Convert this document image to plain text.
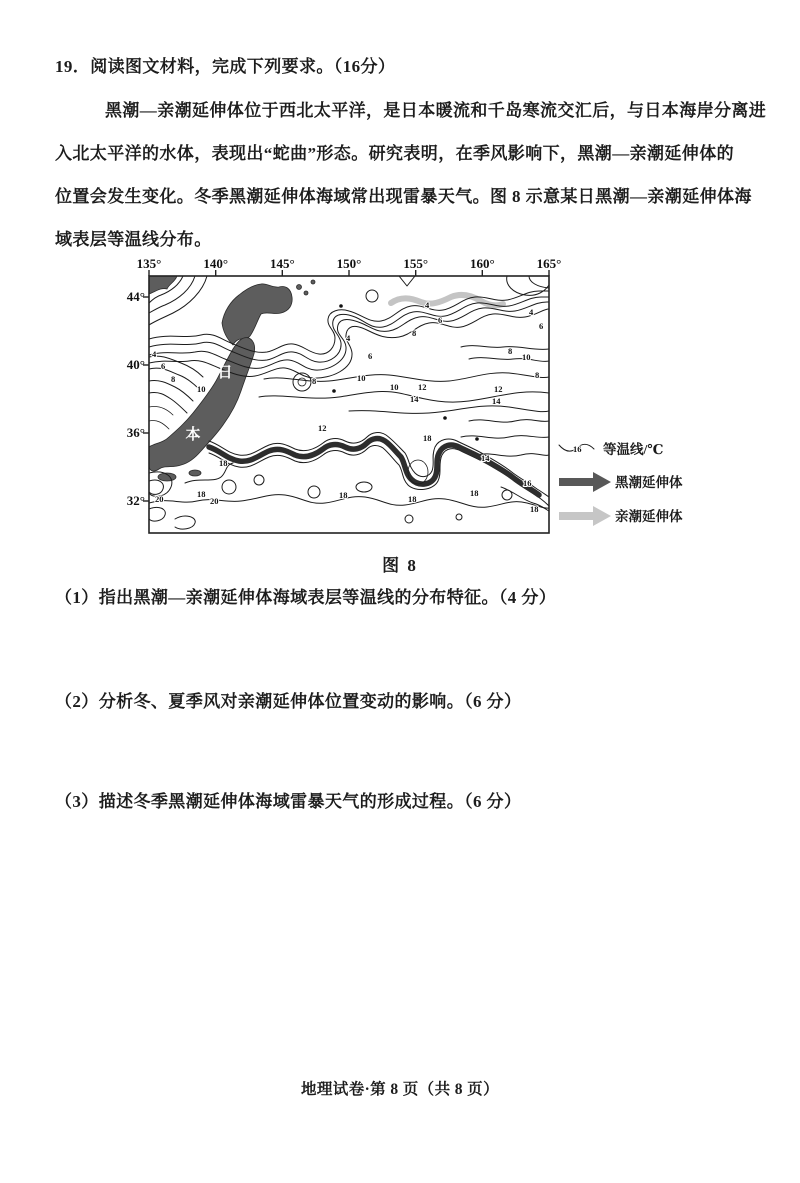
19．阅读图文材料，完成下列要求。（16分）
黑潮—亲潮延伸体位于西北太平洋，是日本暖流和千岛寒流交汇后，与日本海岸分离进
入北太平洋的水体，表现出“蛇曲”形态。研究表明，在季风影响下，黑潮—亲潮延伸体的
位置会发生变化。冬季黑潮延伸体海域常出现雷暴天气。图 8 示意某日黑潮—亲潮延伸体海
域表层等温线分布。
135°	140°	145°	150°	155°	160°	165°
44°
40°
36°
32°
日
本
4
6
8
10
8
4
6
4
6
8
4
6
8
10
10
10 12
14
8
12
14
12
18
14
16
18
18
20	20
18	18
18
18
16 等温线/℃
黑潮延伸体
亲潮延伸体
图 8
（1）指出黑潮—亲潮延伸体海域表层等温线的分布特征。（4 分）
（2）分析冬、夏季风对亲潮延伸体位置变动的影响。（6 分）
（3）描述冬季黑潮延伸体海域雷暴天气的形成过程。（6 分）
地理试卷·第 8 页（共 8 页）
